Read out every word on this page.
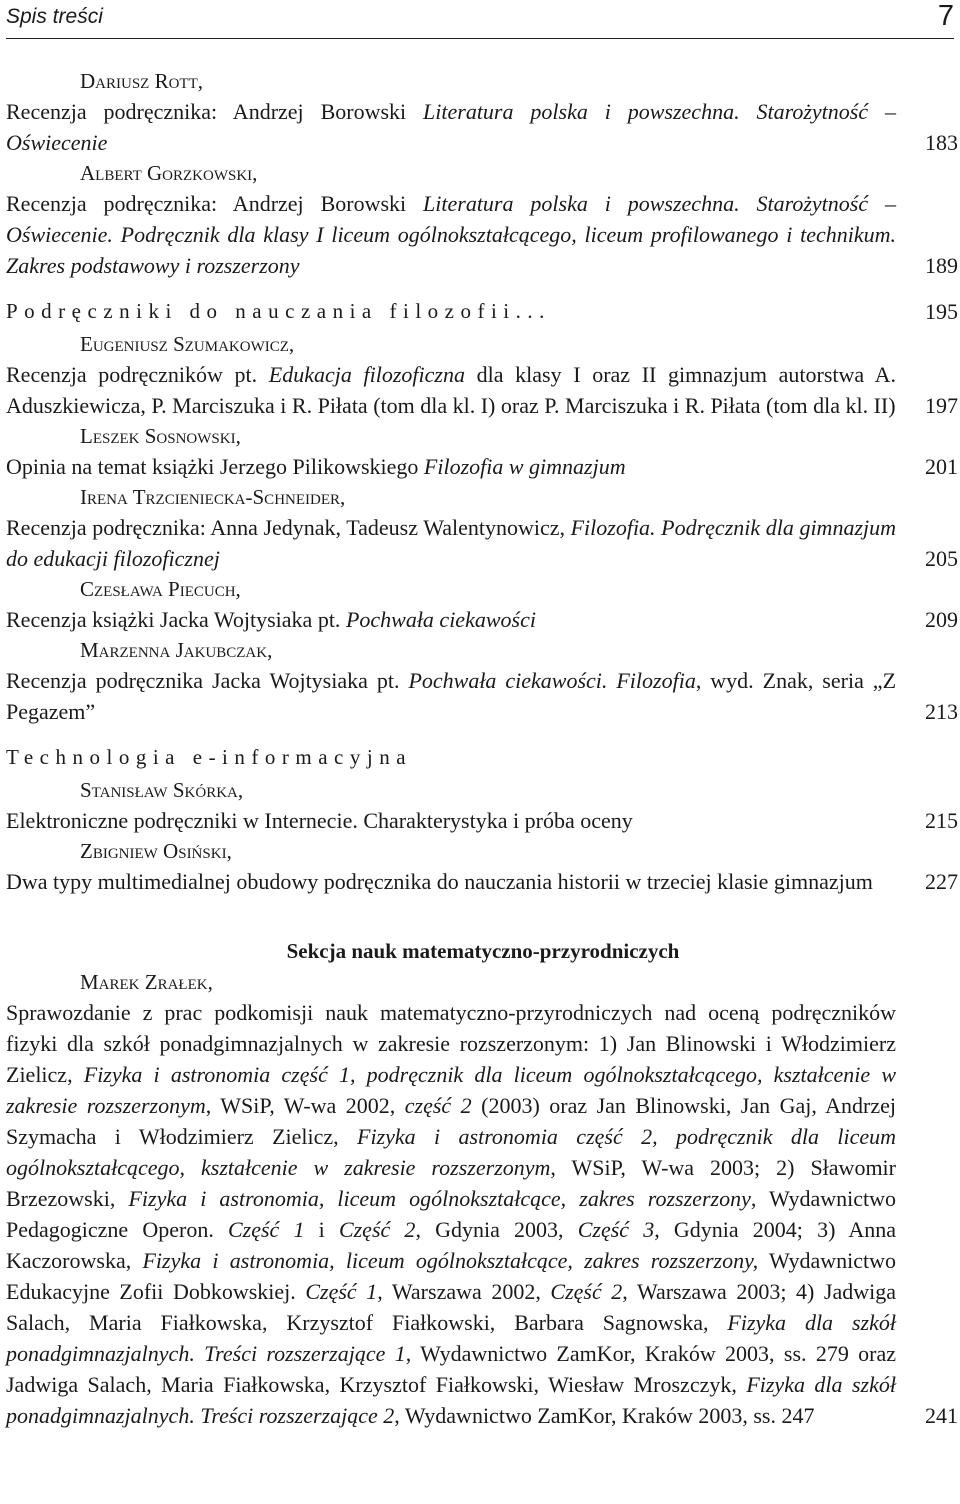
Spis treści	7
Dariusz Rott,
Recenzja podręcznika: Andrzej Borowski Literatura polska i powszechna. Starożytność – Oświecenie	183
Albert Gorzkowski,
Recenzja podręcznika: Andrzej Borowski Literatura polska i powszechna. Starożytność – Oświecenie. Podręcznik dla klasy I liceum ogólnokształcącego, liceum profilowanego i technikum. Zakres podstawowy i rozszerzony	189
Podręczniki do nauczania filozofii...	195
Eugeniusz Szumakowicz,
Recenzja podręczników pt. Edukacja filozoficzna dla klasy I oraz II gimnazjum autorstwa A. Aduszkiewicza, P. Marciszuka i R. Piłata (tom dla kl. I) oraz P. Marciszuka i R. Piłata (tom dla kl. II) 197
Leszek Sosnowski,
Opinia na temat książki Jerzego Pilikowskiego Filozofia w gimnazjum	201
Irena Trzcieniecka-Schneider,
Recenzja podręcznika: Anna Jedynak, Tadeusz Walentynowicz, Filozofia. Podręcznik dla gimnazjum do edukacji filozoficznej	205
Czesława Piecuch,
Recenzja książki Jacka Wojtysiaka pt. Pochwała ciekawości	209
Marzenna Jakubczak,
Recenzja podręcznika Jacka Wojtysiaka pt. Pochwała ciekawości. Filozofia, wyd. Znak, seria „Z Pegazem”	213
Technologia e-informacyjna
Stanisław Skórka,
Elektroniczne podręczniki w Internecie. Charakterystyka i próba oceny	215
Zbigniew Osiński,
Dwa typy multimedialnej obudowy podręcznika do nauczania historii w trzeciej klasie gimnazjum	227
Sekcja nauk matematyczno-przyrodniczych
Marek Zrałek,
Sprawozdanie z prac podkomisji nauk matematyczno-przyrodniczych nad oceną podręczników fizyki dla szkół ponadgimnazjalnych w zakresie rozszerzonym: 1) Jan Blinowski i Włodzimierz Zielicz, Fizyka i astronomia część 1, podręcznik dla liceum ogólnokształcącego, kształcenie w zakresie rozszerzonym, WSiP, W-wa 2002, część 2 (2003) oraz Jan Blinowski, Jan Gaj, Andrzej Szymacha i Włodzimierz Zielicz, Fizyka i astronomia część 2, podręcznik dla liceum ogólnokształcącego, kształcenie w zakresie rozszerzonym, WSiP, W-wa 2003; 2) Sławomir Brzezowski, Fizyka i astronomia, liceum ogólnokształcące, zakres rozszerzony, Wydawnictwo Pedagogiczne Operon. Część 1 i Część 2, Gdynia 2003, Część 3, Gdynia 2004; 3) Anna Kaczorowska, Fizyka i astronomia, liceum ogólnokształcące, zakres rozszerzony, Wydawnictwo Edukacyjne Zofii Dobkowskiej. Część 1, Warszawa 2002, Część 2, Warszawa 2003; 4) Jadwiga Salach, Maria Fiałkowska, Krzysztof Fiałkowski, Barbara Sagnowska, Fizyka dla szkół ponadgimnazjalnych. Treści rozszerzające 1, Wydawnictwo ZamKor, Kraków 2003, ss. 279 oraz Jadwiga Salach, Maria Fiałkowska, Krzysztof Fiałkowski, Wiesław Mroszczyk, Fizyka dla szkół ponadgimnazjalnych. Treści rozszerzające 2, Wydawnictwo ZamKor, Kraków 2003, ss. 247	241
